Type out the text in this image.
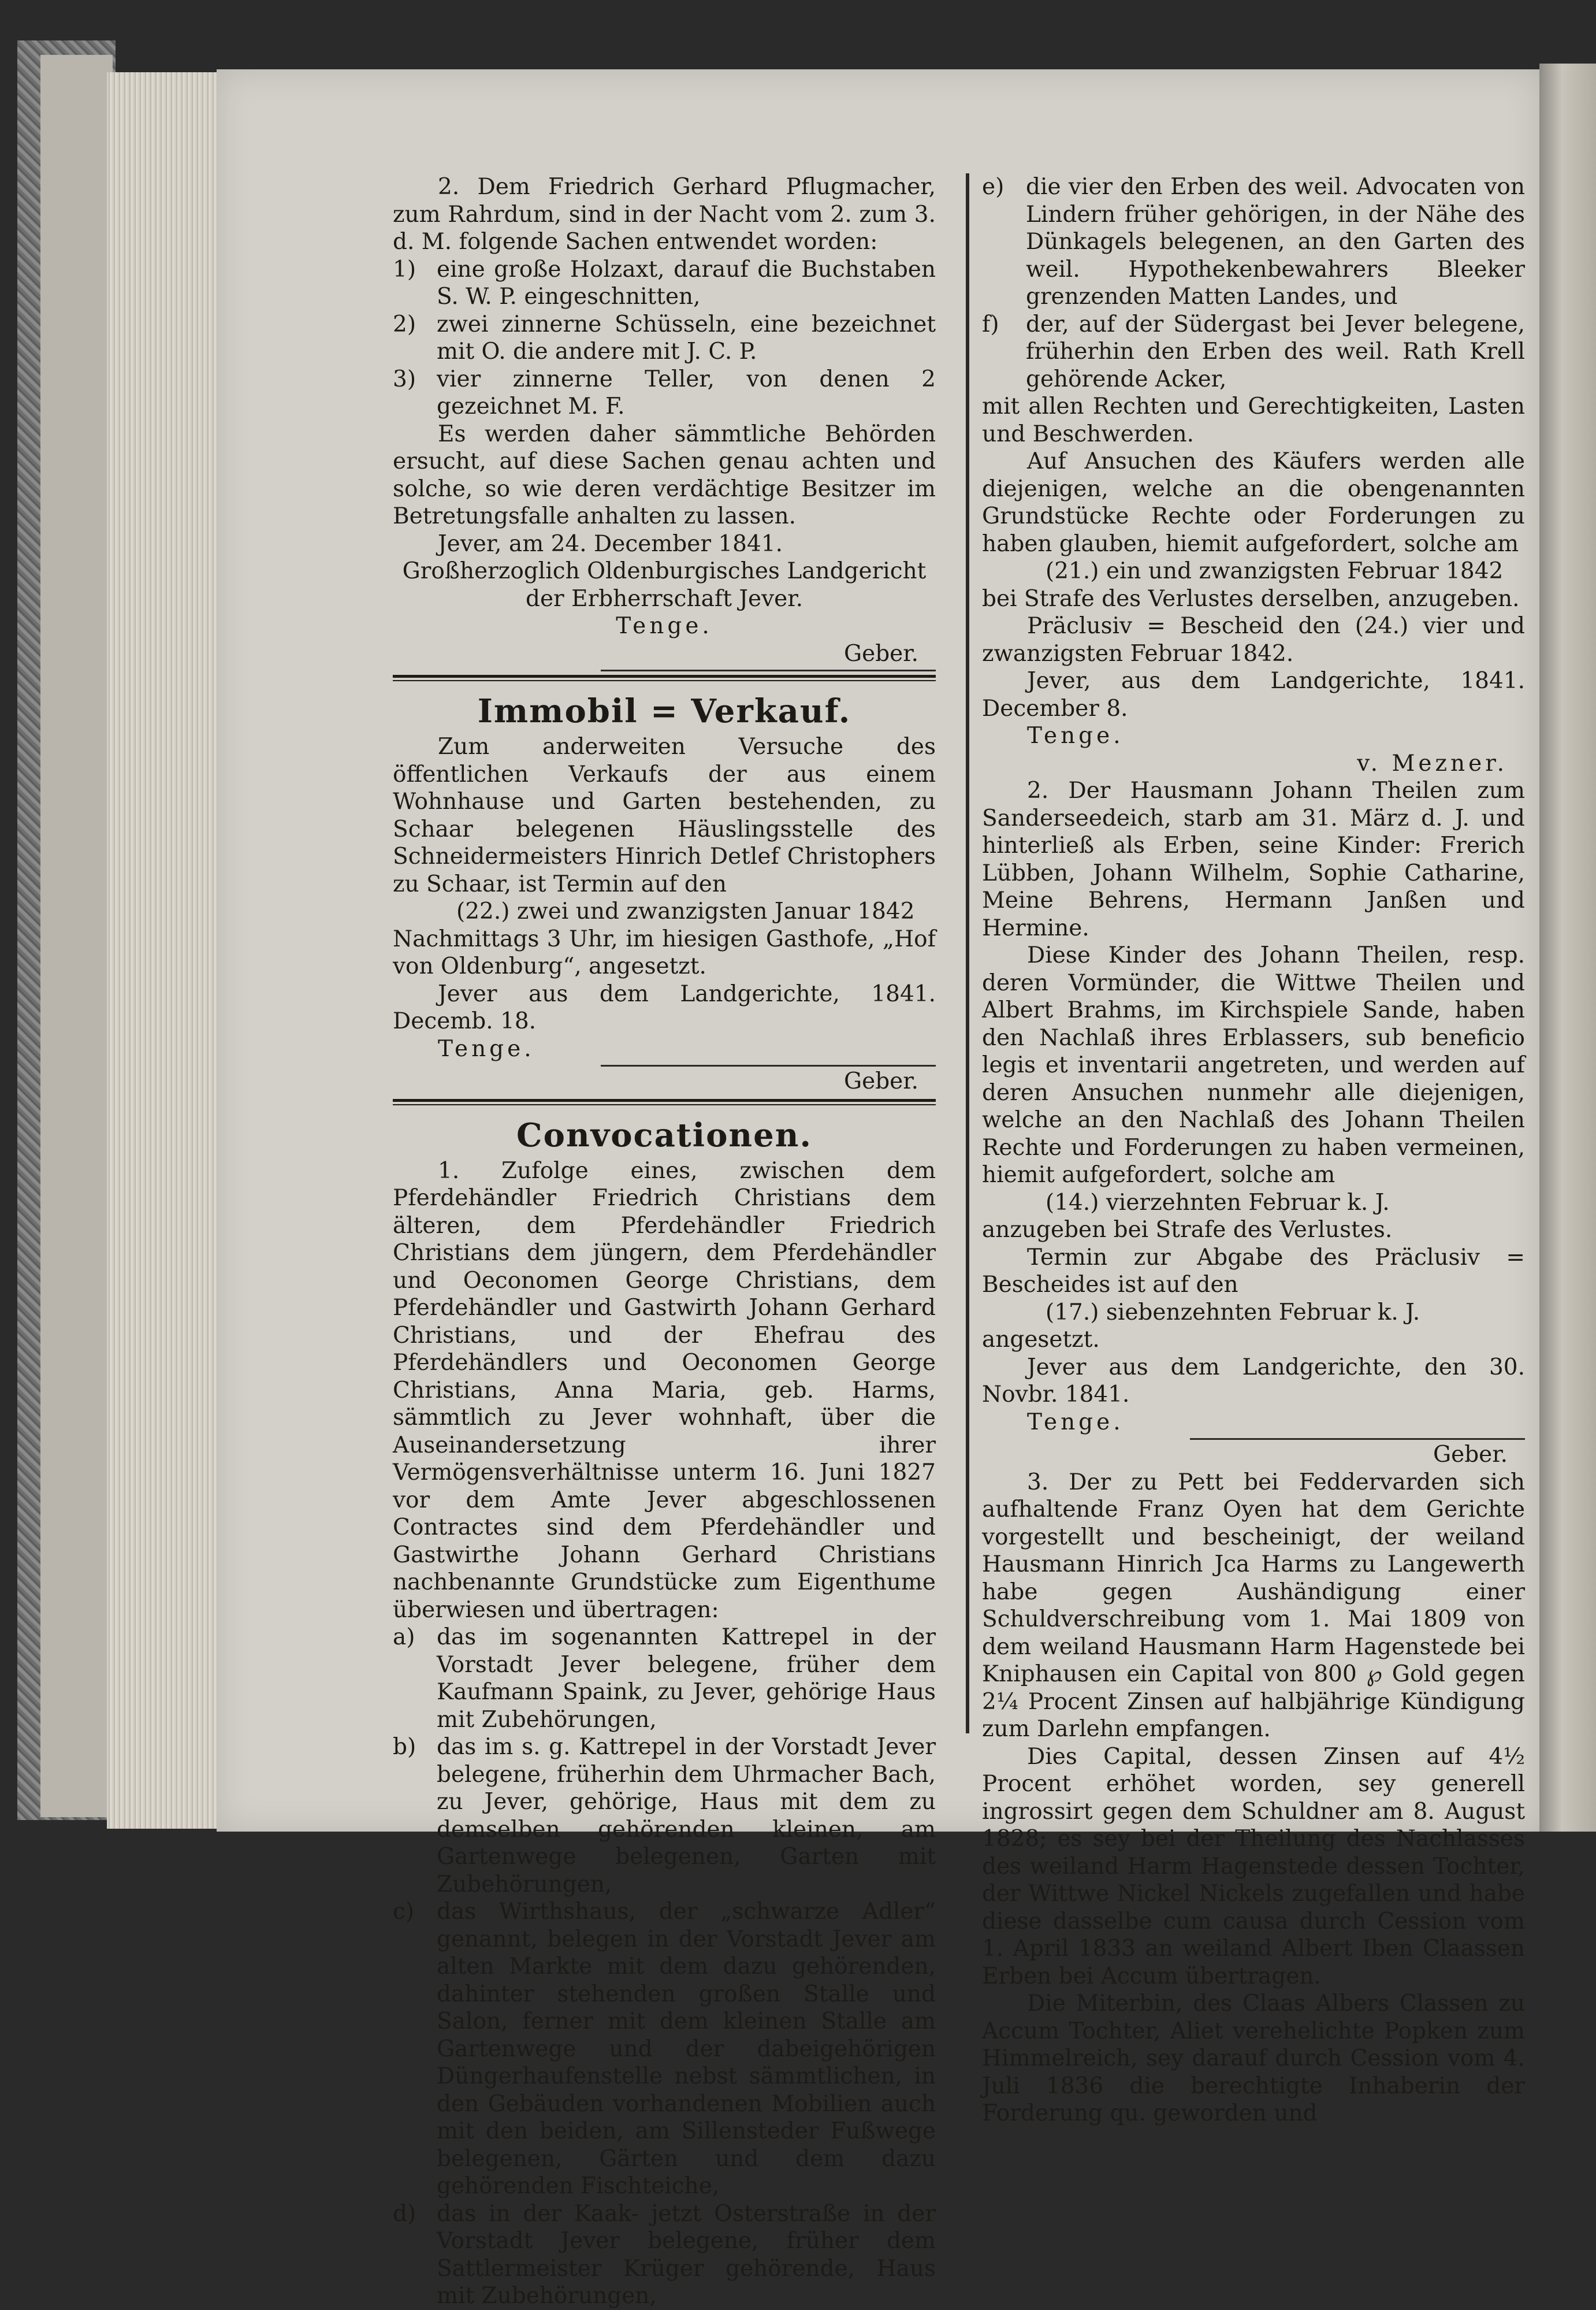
2. Dem Friedrich Gerhard Pflugmacher, zum Rahrdum, sind in der Nacht vom 2. zum 3. d. M. folgende Sachen entwendet worden:

1) eine große Holzaxt, darauf die Buchstaben S. W. P. eingeschnitten,
2) zwei zinnerne Schüsseln, eine bezeichnet mit O. die andere mit J. C. P.
3) vier zinnerne Teller, von denen 2 gezeichnet M. F.

Es werden daher sämmtliche Behörden ersucht, auf diese Sachen genau achten und solche, so wie deren verdächtige Besitzer im Betretungsfalle anhalten zu lassen.

Jever, am 24. December 1841.

Großherzoglich Oldenburgisches Landgericht der Erbherrschaft Jever.

Tenge.

Geber.

Immobil = Verkauf.

Zum anderweiten Versuche des öffentlichen Verkaufs der aus einem Wohnhause und Garten bestehenden, zu Schaar belegenen Häuslingsstelle des Schneidermeisters Hinrich Detlef Christophers zu Schaar, ist Termin auf den

(22.) zwei und zwanzigsten Januar 1842

Nachmittags 3 Uhr, im hiesigen Gasthofe, „Hof von Oldenburg“, angesetzt.

Jever aus dem Landgerichte, 1841. Decemb. 18.

Tenge.

Geber.

Convocationen.

1. Zufolge eines, zwischen dem Pferdehändler Friedrich Christians dem älteren, dem Pferdehändler Friedrich Christians dem jüngern, dem Pferdehändler und Oeconomen George Christians, dem Pferdehändler und Gastwirth Johann Gerhard Christians, und der Ehefrau des Pferdehändlers und Oeconomen George Christians, Anna Maria, geb. Harms, sämmtlich zu Jever wohnhaft, über die Auseinandersetzung ihrer Vermögensverhältnisse unterm 16. Juni 1827 vor dem Amte Jever abgeschlossenen Contractes sind dem Pferdehändler und Gastwirthe Johann Gerhard Christians nachbenannte Grundstücke zum Eigenthume überwiesen und übertragen:

a) das im sogenannten Kattrepel in der Vorstadt Jever belegene, früher dem Kaufmann Spaink, zu Jever, gehörige Haus mit Zubehörungen,
b) das im s. g. Kattrepel in der Vorstadt Jever belegene, früherhin dem Uhrmacher Bach, zu Jever, gehörige, Haus mit dem zu demselben gehörenden kleinen, am Gartenwege belegenen, Garten mit Zubehörungen,
c) das Wirthshaus, der „schwarze Adler“ genannt, belegen in der Vorstadt Jever am alten Markte mit dem dazu gehörenden, dahinter stehenden großen Stalle und Salon, ferner mit dem kleinen Stalle am Gartenwege und der dabeigehörigen Düngerhaufenstelle nebst sämmtlichen, in den Gebäuden vorhandenen Mobilien auch mit den beiden, am Sillensteder Fußwege belegenen, Gärten und dem dazu gehörenden Fischteiche,
d) das in der Kaak- jetzt Osterstraße in der Vorstadt Jever belegene, früher dem Sattlermeister Krüger gehörende, Haus mit Zubehörungen,
e) die vier den Erben des weil. Advocaten von Lindern früher gehörigen, in der Nähe des Dünkagels belegenen, an den Garten des weil. Hypothekenbewahrers Bleeker grenzenden Matten Landes, und
f)	der, auf der Südergast bei Jever belegene, früherhin den Erben des weil. Rath Krell gehörende Acker,

mit allen Rechten und Gerechtigkeiten, Lasten und Beschwerden.

Auf Ansuchen des Käufers werden alle diejenigen, welche an die obengenannten Grundstücke Rechte oder Forderungen zu haben glauben, hiemit aufgefordert, solche am

(21.) ein und zwanzigsten Februar 1842

bei Strafe des Verlustes derselben, anzugeben.

Präclusiv = Bescheid den (24.) vier und zwanzigsten Februar 1842.

Jever, aus dem Landgerichte, 1841. December 8.

Tenge.

v. Mezner.

2. Der Hausmann Johann Theilen zum Sanderseedeich, starb am 31. März d. J. und hinterließ als Erben, seine Kinder: Frerich Lübben, Johann Wilhelm, Sophie Catharine, Meine Behrens, Hermann Janßen und Hermine.

Diese Kinder des Johann Theilen, resp. deren Vormünder, die Wittwe Theilen und Albert Brahms, im Kirchspiele Sande, haben den Nachlaß ihres Erblassers, sub beneficio legis et inventarii angetreten, und werden auf deren Ansuchen nunmehr alle diejenigen, welche an den Nachlaß des Johann Theilen Rechte und Forderungen zu haben vermeinen, hiemit aufgefordert, solche am

(14.) vierzehnten Februar k. J.

anzugeben bei Strafe des Verlustes.

Termin zur Abgabe des Präclusiv = Bescheides ist auf den

(17.) siebenzehnten Februar k. J.

angesetzt.

Jever aus dem Landgerichte, den 30. Novbr. 1841.

Tenge.

Geber.

3. Der zu Pett bei Feddervarden sich aufhaltende Franz Oyen hat dem Gerichte vorgestellt und bescheinigt, der weiland Hausmann Hinrich Jca Harms zu Langewerth habe gegen Aushändigung einer Schuldverschreibung vom 1. Mai 1809 von dem weiland Hausmann Harm Hagenstede bei Kniphausen ein Capital von 800 ℘ Gold gegen 2¼ Procent Zinsen auf halbjährige Kündigung zum Darlehn empfangen.

Dies Capital, dessen Zinsen auf 4½ Procent erhöhet worden, sey generell ingrossirt gegen dem Schuldner am 8. August 1828; es sey bei der Theilung des Nachlasses des weiland Harm Hagenstede dessen Tochter, der Wittwe Nickel Nickels zugefallen und habe diese dasselbe cum causa durch Cession vom 1. April 1833 an weiland Albert Iben Claassen Erben bei Accum übertragen.

Die Miterbin, des Claas Albers Classen zu Accum Tochter, Aliet verehelichte Popken zum Himmelreich, sey darauf durch Cession vom 4. Juli 1836 die berechtigte Inhaberin der Forderung qu. geworden und
